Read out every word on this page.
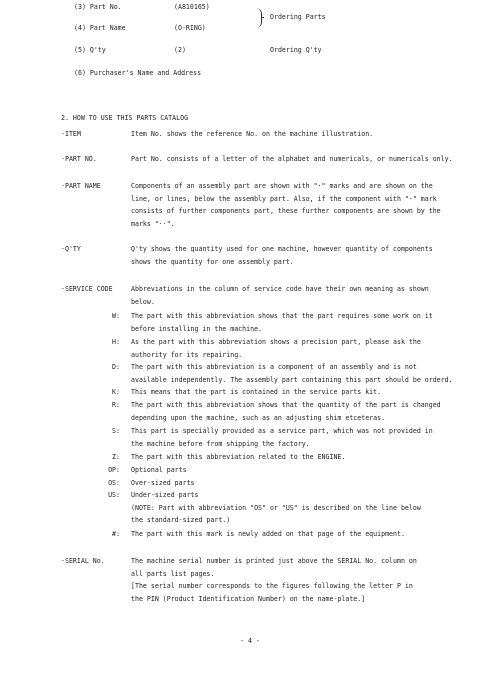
(3) Part No.	(A810165)
(4) Part Name	(O-RING)
Ordering Parts
(5) Q'ty	(2)	Ordering Q'ty
(6) Purchaser's Name and Address
2. HOW TO USE THIS PARTS CATALOG
·ITEM	Item No. shows the reference No. on the machine illustration.
·PART NO.	Part No. consists of a letter of the alphabet and numericals, or numericals only.
·PART NAME	Components of an assembly part are shown with "·" marks and are shown on the
line, or lines, below the assembly part. Also, if the component with "·" mark
consists of further components part, these further components are shown by the
marks "··".
·Q'TY	Q'ty shows the quantity used for one machine, however quantity of components
shows the quantity for one assembly part.
·SERVICE CODE	Abbreviations in the column of service code have their own meaning as shown
below.
W: The part with this abbreviation shows that the part requires some work on it
before installing in the machine.
H: As the part with this abbreviation shows a precision part, please ask the
authority for its repairing.
D: The part with this abbreviation is a component of an assembly and is not
available independently. The assembly part containing this part should be orderd.
K: This means that the part is contained in the service parts kit.
R: The part with this abbreviation shows that the quantity of the part is changed
depending upon the machine, such as an adjusting shim etceteras.
S: This part is specially provided as a service part, which was not provided in
the machine before from shipping the factory.
Z: The part with this abbreviation related to the ENGINE.
OP: Optional parts
OS: Over-sized parts
US: Under-sized parts
(NOTE: Part with abbreviation "OS" or "US" is described on the line below
the standard-sized part.)
#: The part with this mark is newly added on that page of the equipment.
·SERIAL No.	The machine serial number is printed just above the SERIAL No. column on
all parts list pages.
[The serial number corresponds to the figures following the letter P in
the PIN (Product Identification Number) on the name-plate.]
- 4 -
